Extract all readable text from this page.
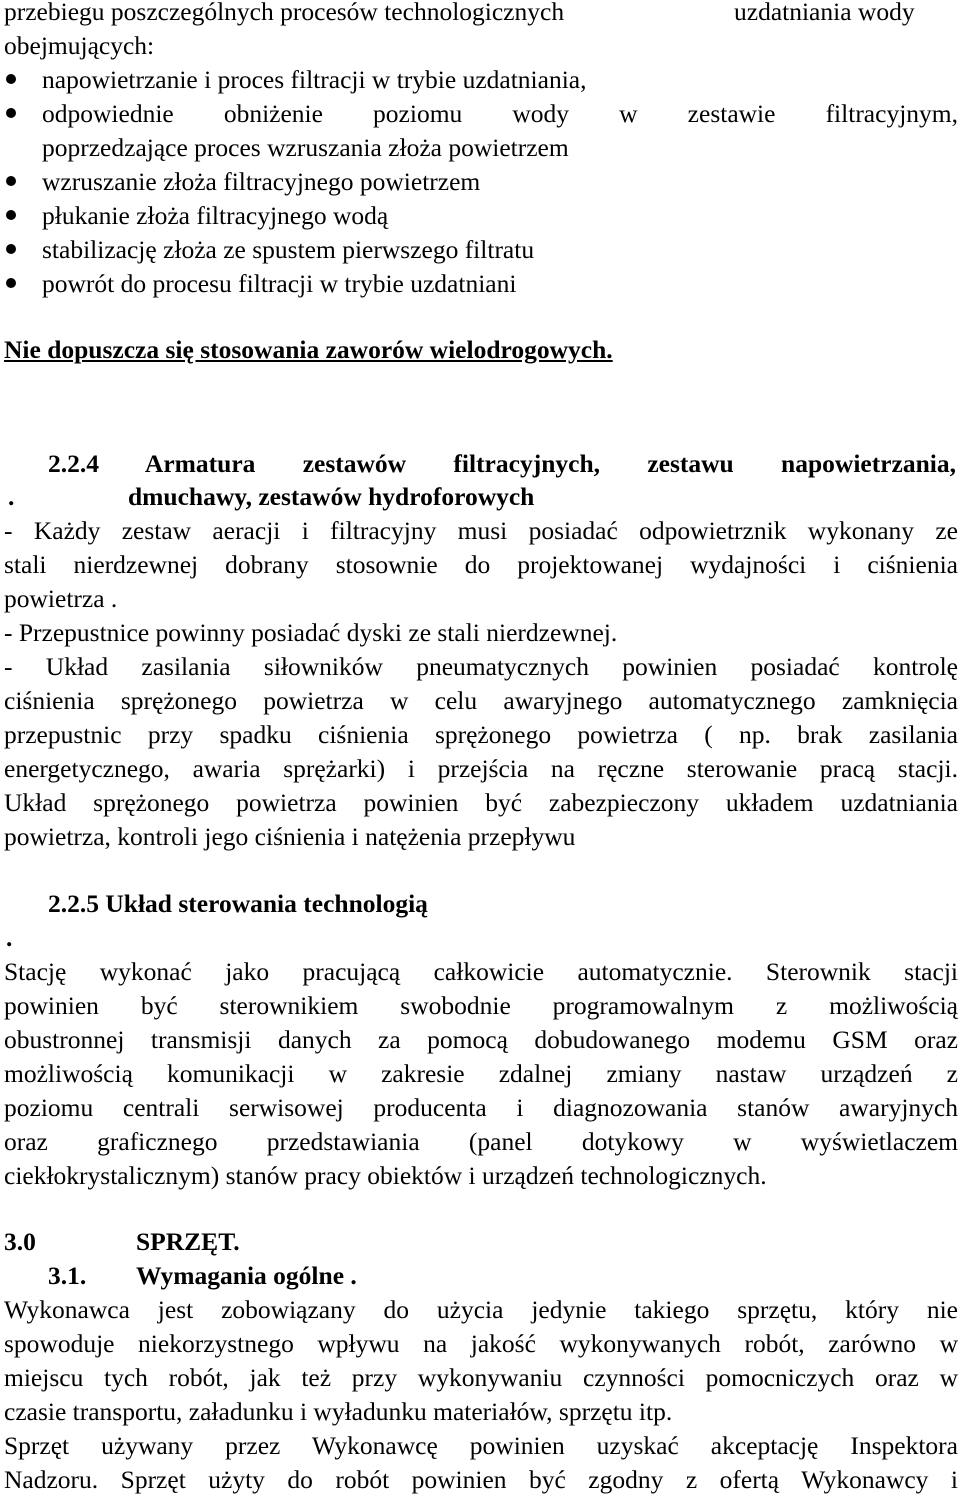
przebiegu poszczególnych procesów technologicznych	uzdatniania wody
obejmujących:
napowietrzanie i proces filtracji w trybie uzdatniania,
odpowiednie obniżenie poziomu wody w zestawie filtracyjnym,
poprzedzające proces wzruszania złoża powietrzem
wzruszanie złoża filtracyjnego powietrzem
płukanie złoża filtracyjnego wodą
stabilizację złoża ze spustem pierwszego filtratu
powrót do procesu filtracji w trybie uzdatniani
Nie dopuszcza się stosowania zaworów wielodrogowych.
2.2.4 Armatura zestawów filtracyjnych, zestawu napowietrzania,
.	dmuchawy, zestawów hydroforowych
- Każdy zestaw aeracji i filtracyjny musi posiadać odpowietrznik wykonany ze
stali nierdzewnej dobrany stosownie do projektowanej wydajności i ciśnienia
powietrza .
- Przepustnice powinny posiadać dyski ze stali nierdzewnej.
- Układ zasilania siłowników pneumatycznych powinien posiadać kontrolę
ciśnienia sprężonego powietrza w celu awaryjnego automatycznego zamknięcia
przepustnic przy spadku ciśnienia sprężonego powietrza ( np. brak zasilania
energetycznego, awaria sprężarki) i przejścia na ręczne sterowanie pracą stacji.
Układ sprężonego powietrza powinien być zabezpieczony układem uzdatniania
powietrza, kontroli jego ciśnienia i natężenia przepływu
2.2.5 Układ sterowania technologią
.
Stację wykonać jako pracującą całkowicie automatycznie. Sterownik stacji
powinien być sterownikiem swobodnie programowalnym z możliwością
obustronnej transmisji danych za pomocą dobudowanego modemu GSM oraz
możliwością komunikacji w zakresie zdalnej zmiany nastaw urządzeń z
poziomu centrali serwisowej producenta i diagnozowania stanów awaryjnych
oraz graficznego przedstawiania (panel dotykowy w wyświetlaczem
ciekłokrystalicznym) stanów pracy obiektów i urządzeń technologicznych.
3.0	SPRZĘT.
3.1. Wymagania ogólne .
Wykonawca jest zobowiązany do użycia jedynie takiego sprzętu, który nie
spowoduje niekorzystnego wpływu na jakość wykonywanych robót, zarówno w
miejscu tych robót, jak też przy wykonywaniu czynności pomocniczych oraz w
czasie transportu, załadunku i wyładunku materiałów, sprzętu itp.
Sprzęt używany przez Wykonawcę powinien uzyskać akceptację Inspektora
Nadzoru. Sprzęt użyty do robót powinien być zgodny z ofertą Wykonawcy i
